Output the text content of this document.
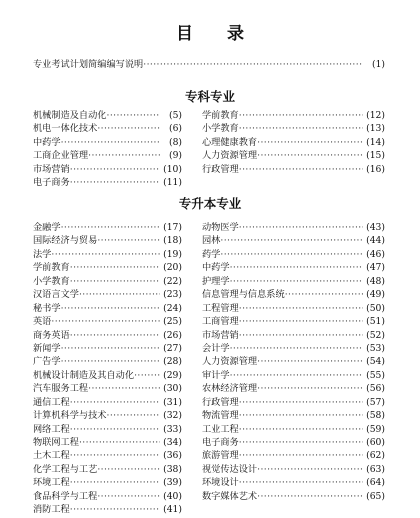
目 录
专业考试计划简编编写说明 ·····	(1)
专科专业
机械制造及自动化 ·····	(5)
机电一体化技术 ·····	(6)
中药学 ·····	(8)
工商企业管理 ·····	(9)
市场营销 ·····	(10)
电子商务 ·····	(11)
学前教育 ·····	(12)
小学教育 ·····	(13)
心理健康教育 ·····	(14)
人力资源管理 ·····	(15)
行政管理 ·····	(16)
专升本专业
金融学 ·····	(17)
国际经济与贸易 ·····	(18)
法学 ·····	(19)
学前教育 ·····	(20)
小学教育 ·····	(22)
汉语言文学 ·····	(23)
秘书学 ·····	(24)
英语 ·····	(25)
商务英语 ·····	(26)
新闻学 ·····	(27)
广告学 ·····	(28)
机械设计制造及其自动化 ·····	(29)
汽车服务工程 ·····	(30)
通信工程 ·····	(31)
计算机科学与技术 ·····	(32)
网络工程 ·····	(33)
物联网工程 ·····	(34)
土木工程 ·····	(36)
化学工程与工艺 ·····	(38)
环境工程 ·····	(39)
食品科学与工程 ·····	(40)
消防工程 ·····	(41)
动物医学 ·····	(43)
园林 ·····	(44)
药学 ·····	(46)
中药学 ·····	(47)
护理学 ·····	(48)
信息管理与信息系统 ·····	(49)
工程管理 ·····	(50)
工商管理 ·····	(51)
市场营销 ·····	(52)
会计学 ·····	(53)
人力资源管理 ·····	(54)
审计学 ·····	(55)
农林经济管理 ·····	(56)
行政管理 ·····	(57)
物流管理 ·····	(58)
工业工程 ·····	(59)
电子商务 ·····	(60)
旅游管理 ·····	(62)
视觉传达设计 ·····	(63)
环境设计 ·····	(64)
数字媒体艺术 ·····	(65)
